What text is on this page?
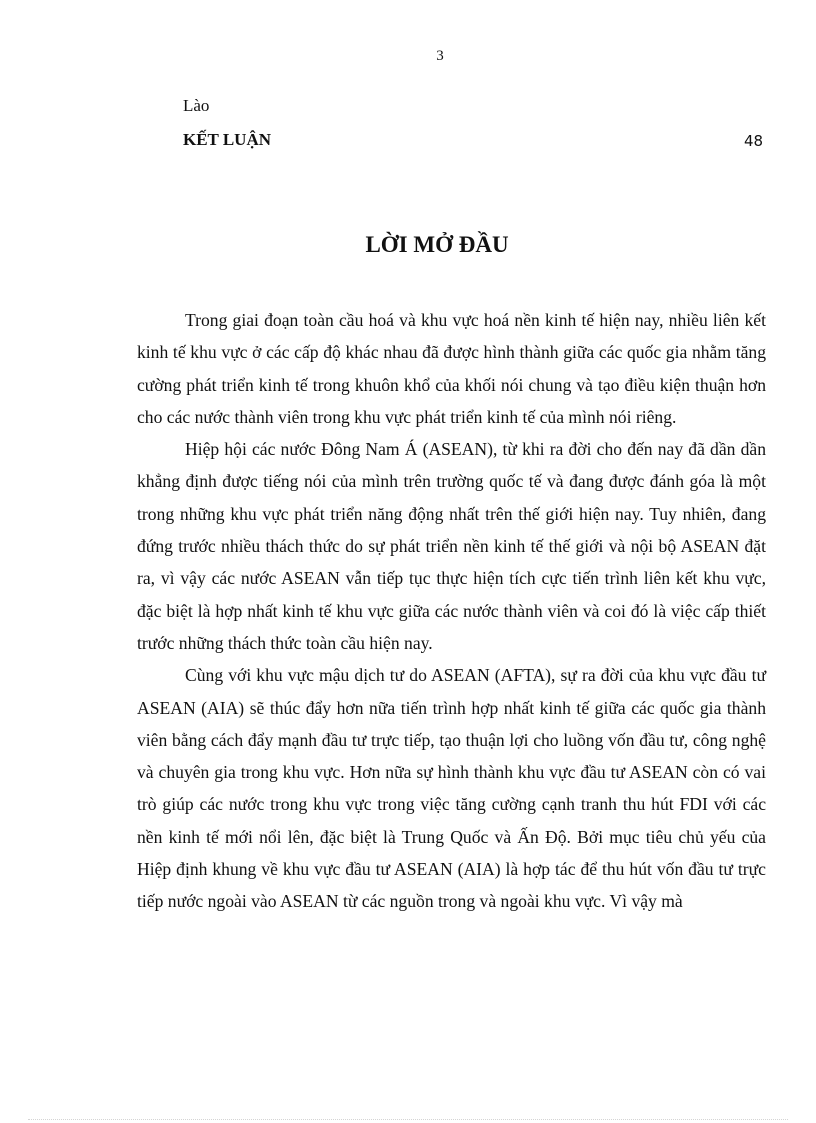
3
Lào
KẾT LUẬN	48
LỜI MỞ ĐẦU

Trong giai đoạn toàn cầu hoá và khu vực hoá nền kinh tế hiện nay, nhiều liên kết kinh tế khu vực ở các cấp độ khác nhau đã được hình thành giữa các quốc gia nhằm tăng cường phát triển kinh tế trong khuôn khổ của khối nói chung và tạo điều kiện thuận hơn cho các nước thành viên trong khu vực phát triển kinh tế của mình nói riêng.

Hiệp hội các nước Đông Nam Á (ASEAN), từ khi ra đời cho đến nay đã dần dần khẳng định được tiếng nói của mình trên trường quốc tế và đang được đánh góa là một trong những khu vực phát triển năng động nhất trên thế giới hiện nay. Tuy nhiên, đang đứng trước nhiều thách thức do sự phát triển nền kinh tế thế giới và nội bộ ASEAN đặt ra, vì vậy các nước ASEAN vẫn tiếp tục thực hiện tích cực tiến trình liên kết khu vực, đặc biệt là hợp nhất kinh tế khu vực giữa các nước thành viên và coi đó là việc cấp thiết trước những thách thức toàn cầu hiện nay.

Cùng với khu vực mậu dịch tư do ASEAN (AFTA), sự ra đời của khu vực đầu tư ASEAN (AIA) sẽ thúc đẩy hơn nữa tiến trình hợp nhất kinh tế giữa các quốc gia thành viên bằng cách đẩy mạnh đầu tư trực tiếp, tạo thuận lợi cho luồng vốn đầu tư, công nghệ và chuyên gia trong khu vực. Hơn nữa sự hình thành khu vực đầu tư ASEAN còn có vai trò giúp các nước trong khu vực trong việc tăng cường cạnh tranh thu hút FDI với các nền kinh tế mới nổi lên, đặc biệt là Trung Quốc và Ấn Độ. Bởi mục tiêu chủ yếu của Hiệp định khung về khu vực đầu tư ASEAN (AIA) là hợp tác để thu hút vốn đầu tư trực tiếp nước ngoài vào ASEAN từ các nguồn trong và ngoài khu vực. Vì vậy mà
